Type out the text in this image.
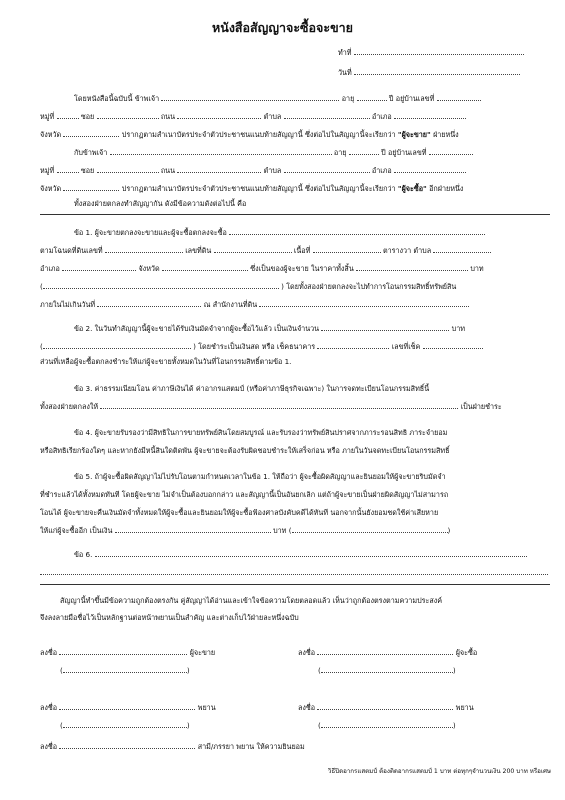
หนังสือสัญญาจะซื้อจะขาย
ทำที่
วันที่
โดยหนังสือนี้ฉบับนี้ ข้าพเจ้า	อายุ	ปี อยู่บ้านเลขที่
หมู่ที่	ซอย	ถนน	ตำบล	อำเภอ
จังหวัด	ปรากฏตามสำเนาบัตรประจำตัวประชาชนแนบท้ายสัญญานี้ ซึ่งต่อไปในสัญญานี้จะเรียกว่า "ผู้จะขาย" ฝ่ายหนึ่ง
กับข้าพเจ้า	อายุ	ปี อยู่บ้านเลขที่
หมู่ที่	ซอย	ถนน	ตำบล	อำเภอ
จังหวัด	ปรากฏตามสำเนาบัตรประจำตัวประชาชนแนบท้ายสัญญานี้ ซึ่งต่อไปในสัญญานี้จะเรียกว่า "ผู้จะซื้อ" อีกฝ่ายหนึ่ง
ทั้งสองฝ่ายตกลงทำสัญญากัน ดังมีข้อความดังต่อไปนี้ คือ
ข้อ 1. ผู้จะขายตกลงจะขายและผู้จะซื้อตกลงจะซื้อ
ตามโฉนดที่ดินเลขที่	เลขที่ดิน	เนื้อที่	ตารางวา ตำบล
อำเภอ	จังหวัด	ซึ่งเป็นของผู้จะขาย ในราคาทั้งสิ้น	บาท
(	) โดยทั้งสองฝ่ายตกลงจะไปทำการโอนกรรมสิทธิ์ทรัพย์สิน
ภายในไม่เกินวันที่	ณ สำนักงานที่ดิน
ข้อ 2. ในวันทำสัญญานี้ผู้จะขายได้รับเงินมัดจำจากผู้จะซื้อไว้แล้ว เป็นเงินจำนวน	บาท
(	) โดยชำระเป็นเงินสด หรือ เช็คธนาคาร	เลขที่เช็ค
ส่วนที่เหลือผู้จะซื้อตกลงชำระให้แก่ผู้จะขายทั้งหมดในวันที่โอนกรรมสิทธิ์ตามข้อ 1.
ข้อ 3. ค่าธรรมเนียมโอน ค่าภาษีเงินได้ ค่าอากรแสตมป์ (หรือค่าภาษีธุรกิจเฉพาะ) ในการจดทะเบียนโอนกรรมสิทธิ์นี้
ทั้งสองฝ่ายตกลงให้	เป็นฝ่ายชำระ
ข้อ 4. ผู้จะขายรับรองว่ามีสิทธิในการขายทรัพย์สินโดยสมบูรณ์ และรับรองว่าทรัพย์สินปราศจากภาระรอนสิทธิ ภาระจำยอม
หรือสิทธิเรียกร้องใดๆ และหากยังมีหนี้สินใดติดพัน ผู้จะขายจะต้องรับผิดชอบชำระให้เสร็จก่อน หรือ ภายในวันจดทะเบียนโอนกรรมสิทธิ์
ข้อ 5. ถ้าผู้จะซื้อผิดสัญญาไม่ไปรับโอนตามกำหนดเวลาในข้อ 1. ให้ถือว่า ผู้จะซื้อผิดสัญญาและยินยอมให้ผู้จะขายริบมัดจำ
ที่ชำระแล้วได้ทั้งหมดทันที โดยผู้จะขาย ไม่จำเป็นต้องบอกกล่าว และสัญญานี้เป็นอันยกเลิก แต่ถ้าผู้จะขายเป็นฝ่ายผิดสัญญาไม่สามารถ
โอนได้ ผู้จะขายจะคืนเงินมัดจำทั้งหมดให้ผู้จะซื้อและยินยอมให้ผู้จะซื้อฟ้องศาลบังคับคดีได้ทันที นอกจากนั้นยังยอมชดใช้ค่าเสียหาย
ให้แก่ผู้จะซื้ออีก เป็นเงิน	บาท (	)
ข้อ 6.
สัญญานี้ทำขึ้นมีข้อความถูกต้องตรงกัน คู่สัญญาได้อ่านและเข้าใจข้อความโดยตลอดแล้ว เห็นว่าถูกต้องตรงตามความประสงค์
จึงลงลายมือชื่อไว้เป็นหลักฐานต่อหน้าพยานเป็นสำคัญ และต่างเก็บไว้ฝ่ายละหนึ่งฉบับ
ลงชื่อ	ผู้จะขาย
(	)
ลงชื่อ	ผู้จะซื้อ
(	)
ลงชื่อ	พยาน
(	)
ลงชื่อ	พยาน
(	)
ลงชื่อ	สามี/ภรรยา พยาน ให้ความยินยอม
วิธีปิดอากรแสตมป์ ต้องติดอากรแสตมป์ 1 บาท ต่อทุกๆจำนวนเงิน 200 บาท หรือเศษ
